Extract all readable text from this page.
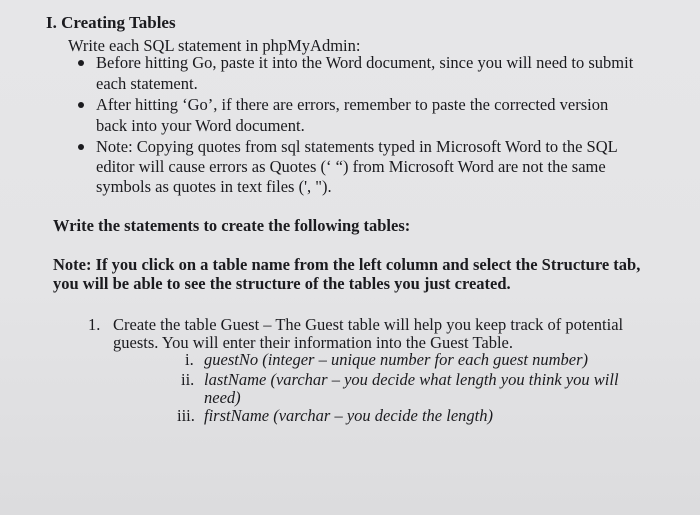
I. Creating Tables
Write each SQL statement in phpMyAdmin:
Before hitting Go, paste it into the Word document, since you will need to submit
each statement.
After hitting ‘Go’, if there are errors, remember to paste the corrected version
back into your Word document.
Note: Copying quotes from sql statements typed in Microsoft Word to the SQL
editor will cause errors as Quotes (‘ “) from Microsoft Word are not the same
symbols as quotes in text files (', ").
Write the statements to create the following tables:
Note: If you click on a table name from the left column and select the Structure tab,
you will be able to see the structure of the tables you just created.
1. Create the table Guest – The Guest table will help you keep track of potential
guests. You will enter their information into the Guest Table.
i. guestNo (integer – unique number for each guest number)
ii. lastName (varchar – you decide what length you think you will
need)
iii. firstName (varchar – you decide the length)
